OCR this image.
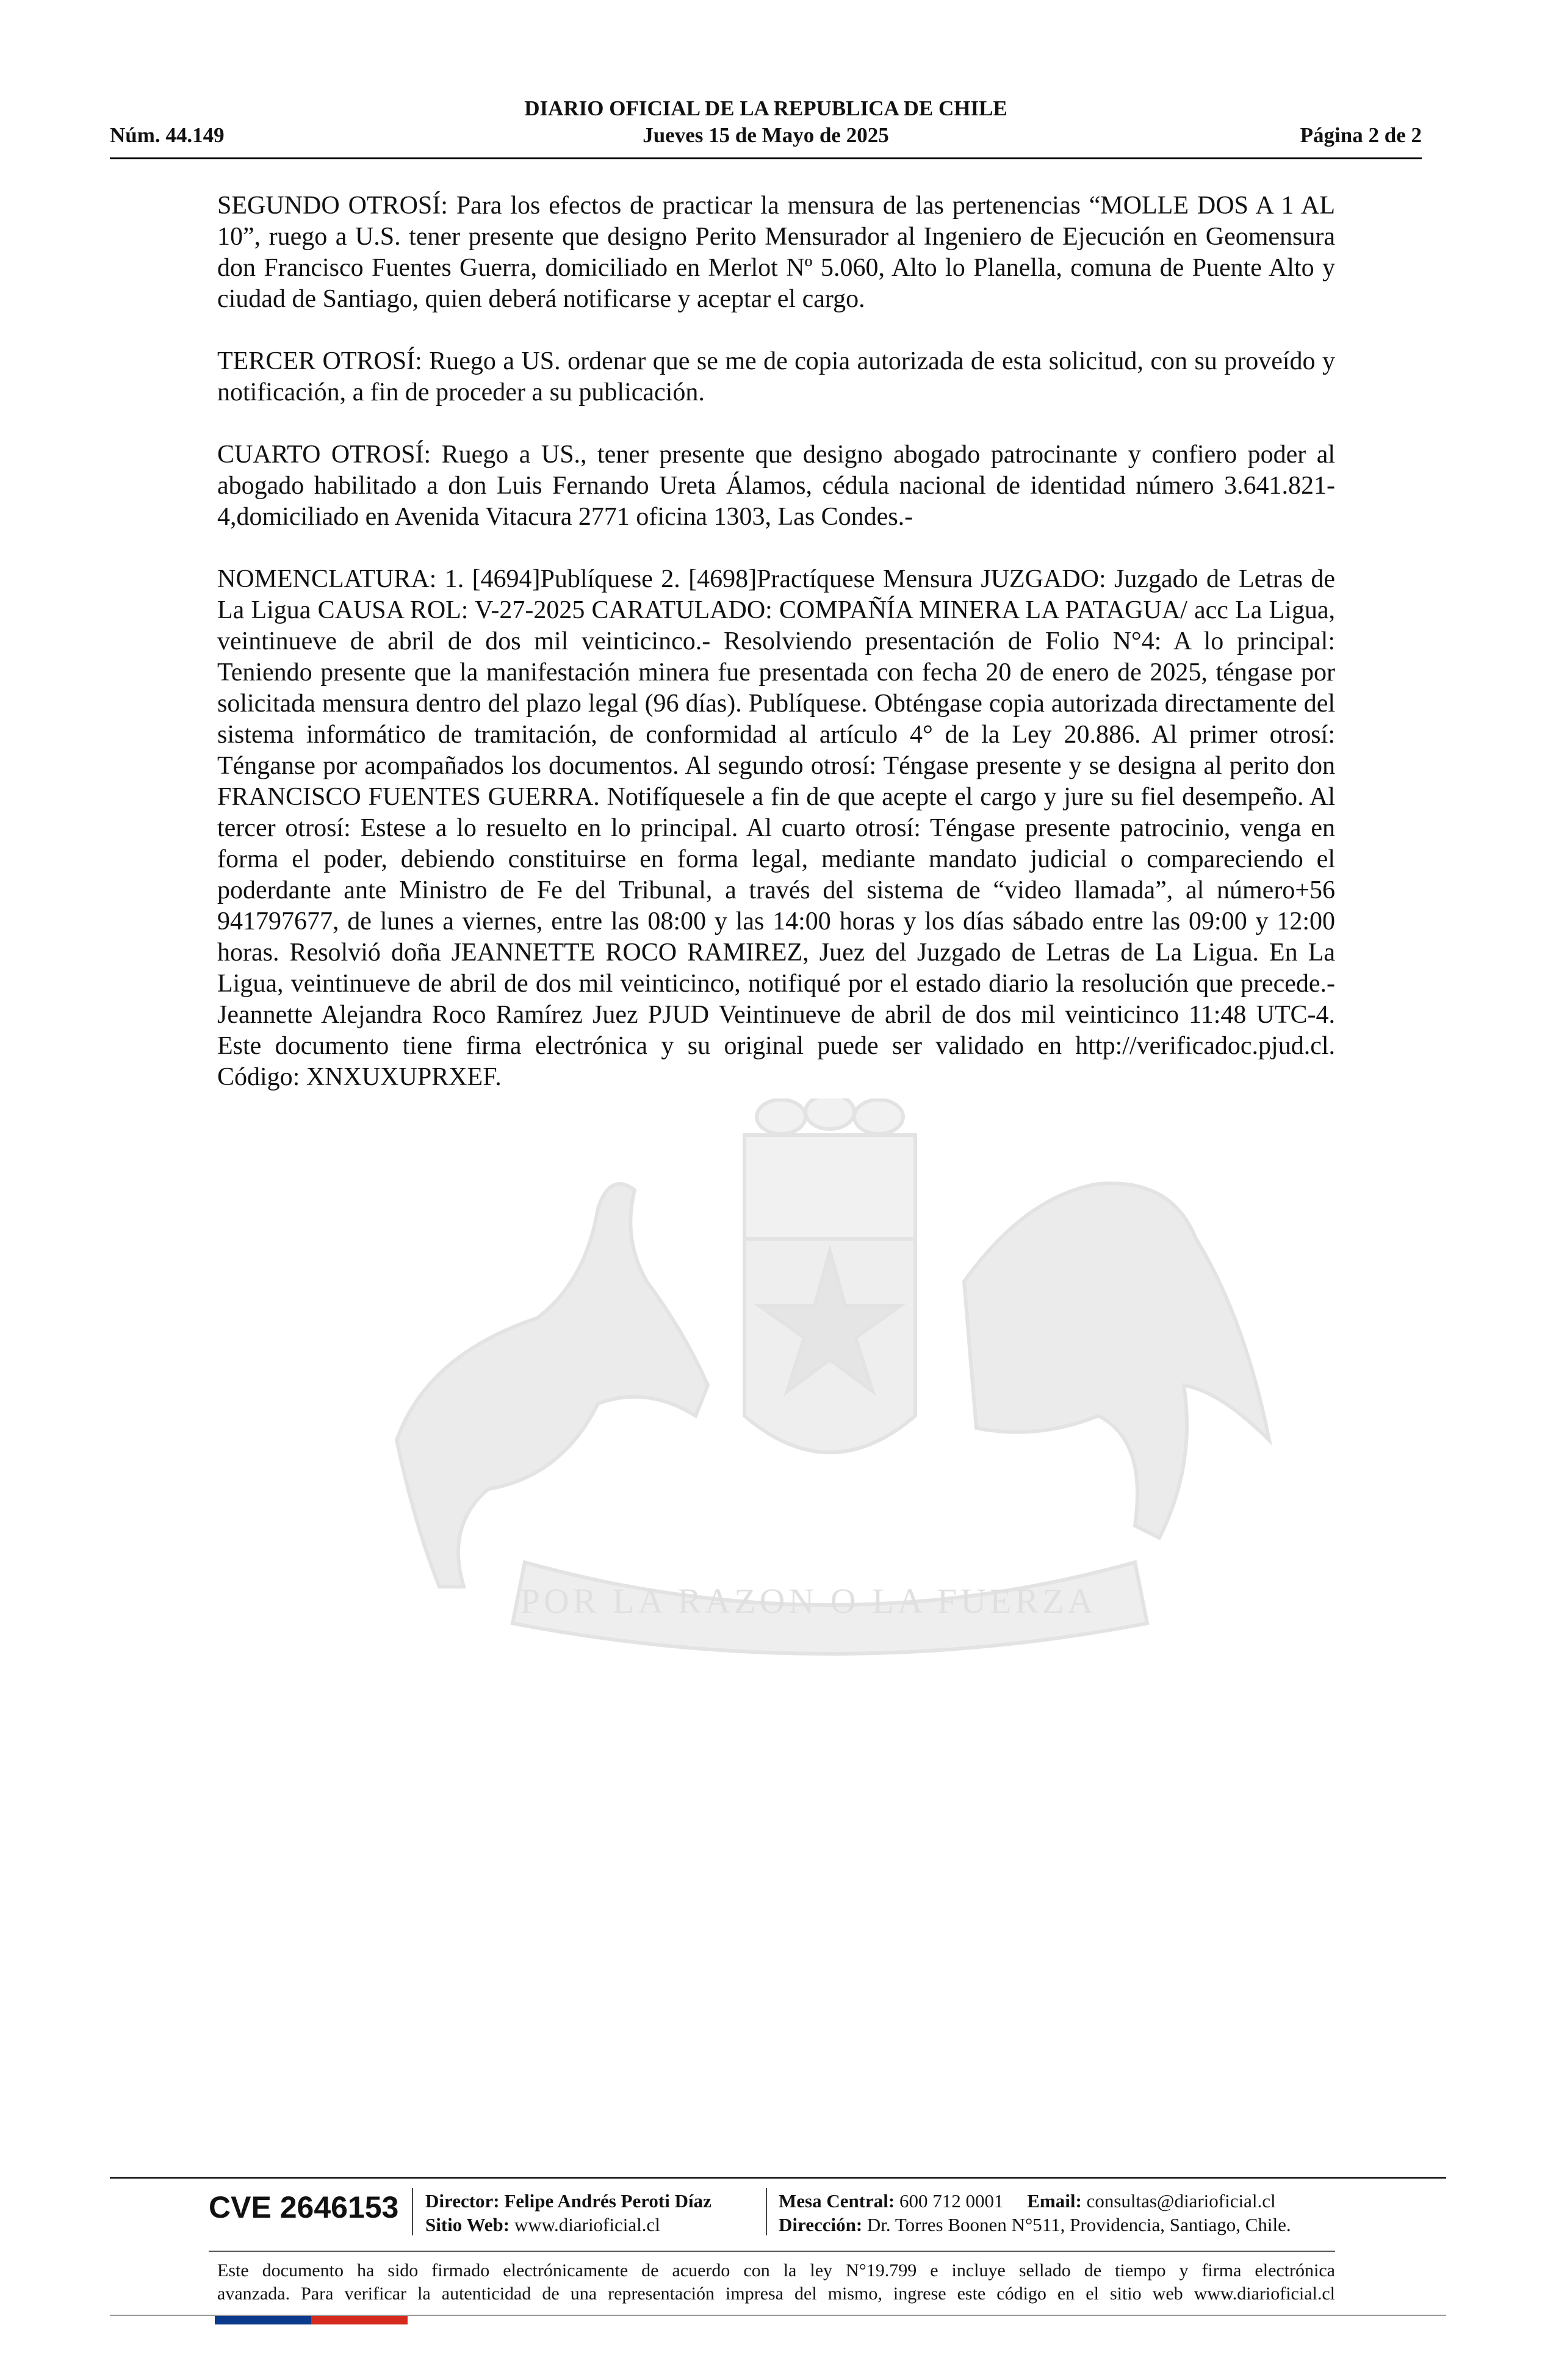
DIARIO OFICIAL DE LA REPUBLICA DE CHILE
Núm. 44.149	Jueves 15 de Mayo de 2025	Página 2 de 2
POR LA RAZON O LA FUERZA

SEGUNDO OTROSÍ: Para los efectos de practicar la mensura de las pertenencias “MOLLE DOS A 1 AL 10”, ruego a U.S. tener presente que designo Perito Mensurador al Ingeniero de Ejecución en Geomensura don Francisco Fuentes Guerra, domiciliado en Merlot Nº 5.060, Alto lo Planella, comuna de Puente Alto y ciudad de Santiago, quien deberá notificarse y aceptar el cargo.

TERCER OTROSÍ: Ruego a US. ordenar que se me de copia autorizada de esta solicitud, con su proveído y notificación, a fin de proceder a su publicación.

CUARTO OTROSÍ: Ruego a US., tener presente que designo abogado patrocinante y confiero poder al abogado habilitado a don Luis Fernando Ureta Álamos, cédula nacional de identidad número 3.641.821-4,domiciliado en Avenida Vitacura 2771 oficina 1303, Las Condes.-

NOMENCLATURA: 1. [4694]Publíquese 2. [4698]Practíquese Mensura JUZGADO: Juzgado de Letras de La Ligua CAUSA ROL: V-27-2025 CARATULADO: COMPAÑÍA MINERA LA PATAGUA/ acc La Ligua, veintinueve de abril de dos mil veinticinco.- Resolviendo presentación de Folio N°4: A lo principal: Teniendo presente que la manifestación minera fue presentada con fecha 20 de enero de 2025, téngase por solicitada mensura dentro del plazo legal (96 días). Publíquese. Obténgase copia autorizada directamente del sistema informático de tramitación, de conformidad al artículo 4° de la Ley 20.886. Al primer otrosí: Ténganse por acompañados los documentos. Al segundo otrosí: Téngase presente y se designa al perito don FRANCISCO FUENTES GUERRA. Notifíquesele a fin de que acepte el cargo y jure su fiel desempeño. Al tercer otrosí: Estese a lo resuelto en lo principal. Al cuarto otrosí: Téngase presente patrocinio, venga en forma el poder, debiendo constituirse en forma legal, mediante mandato judicial o compareciendo el poderdante ante Ministro de Fe del Tribunal, a través del sistema de “video llamada”, al número+56 941797677, de lunes a viernes, entre las 08:00 y las 14:00 horas y los días sábado entre las 09:00 y 12:00 horas. Resolvió doña JEANNETTE ROCO RAMIREZ, Juez del Juzgado de Letras de La Ligua. En La Ligua, veintinueve de abril de dos mil veinticinco, notifiqué por el estado diario la resolución que precede.- Jeannette Alejandra Roco Ramírez Juez PJUD Veintinueve de abril de dos mil veinticinco 11:48 UTC-4. Este documento tiene firma electrónica y su original puede ser validado en http://verificadoc.pjud.cl. Código: XNXUXUPRXEF.

CVE 2646153 Director: Felipe Andrés Peroti Díaz
Sitio Web: www.diarioficial.cl
Mesa Central: 600 712 0001 Email: consultas@diarioficial.cl
Dirección: Dr. Torres Boonen N°511, Providencia, Santiago, Chile.
Este documento ha sido firmado electrónicamente de acuerdo con la ley N°19.799 e incluye sellado de tiempo y firma electrónica
avanzada. Para verificar la autenticidad de una representación impresa del mismo, ingrese este código en el sitio web www.diarioficial.cl
